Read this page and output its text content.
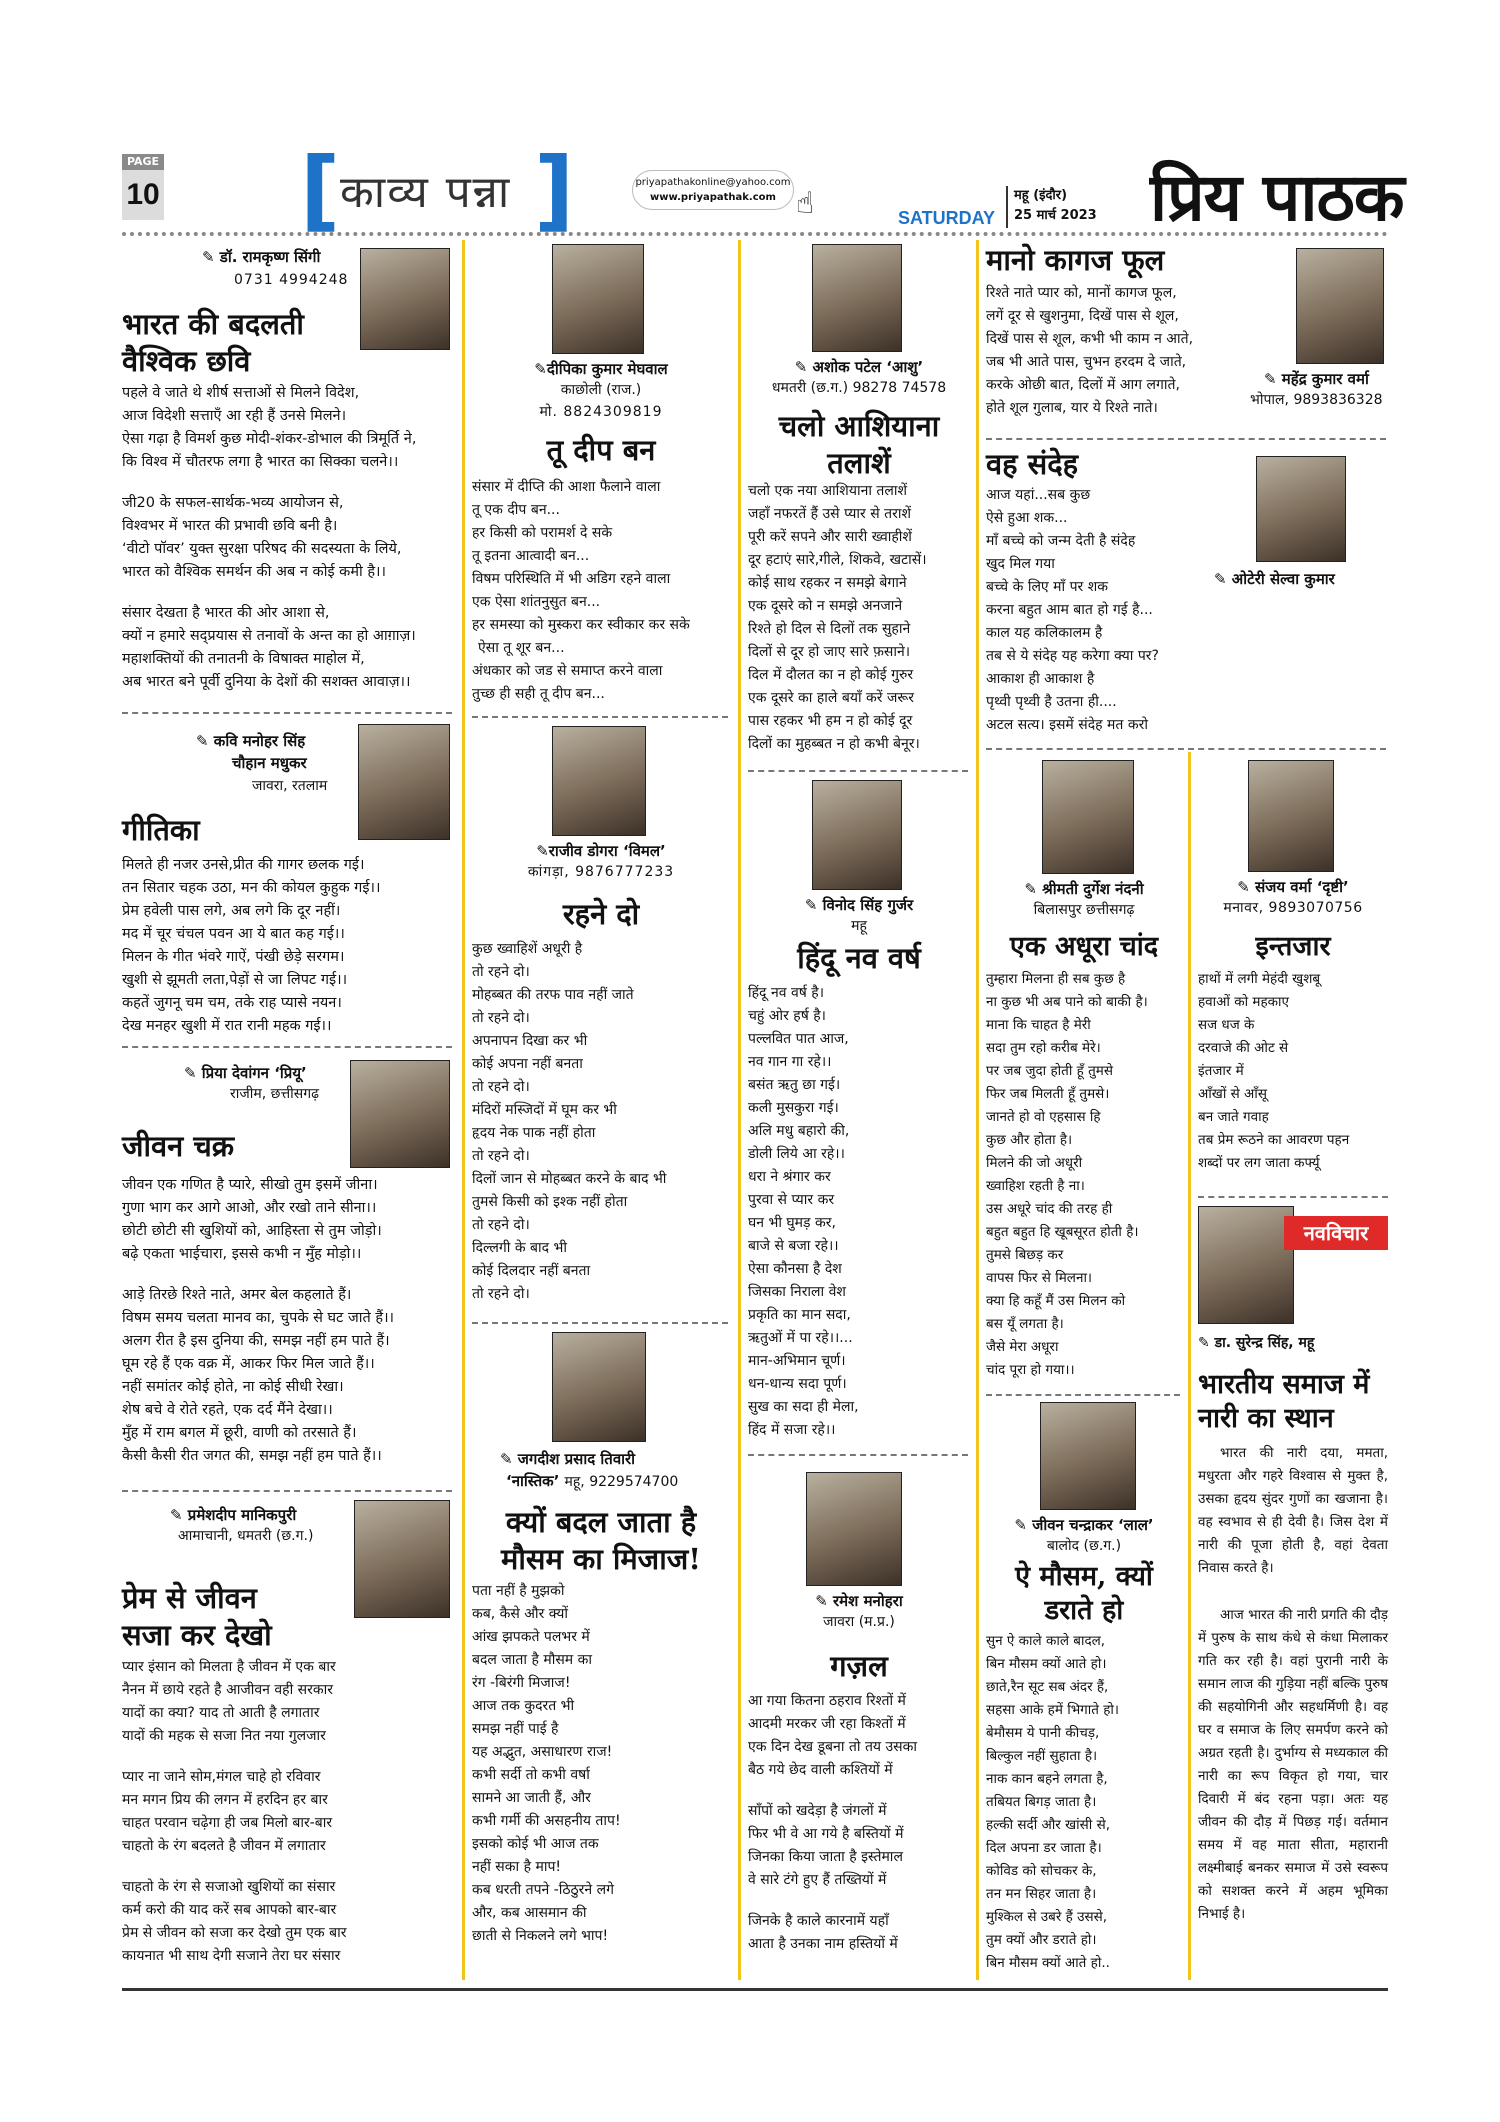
PAGE
10 [ काव्य पन्ना ]	priyapathakonline@yahoo.com
www.priyapathak.com ☝	SATURDAY
महू (इंदौर)
25 मार्च 2023 प्रिय पाठक
✎ डॉ. रामकृष्ण सिंगी
0731 4994248
भारत की बदलती
वैश्विक छवि
पहले वे जाते थे शीर्ष सत्ताओं से मिलने विदेश,
आज विदेशी सत्ताएँ आ रही हैं उनसे मिलने।
ऐसा गढ़ा है विमर्श कुछ मोदी-शंकर-डोभाल की त्रिमूर्ति ने,
कि विश्व में चौतरफ लगा है भारत का सिक्का चलने।।
जी20 के सफल-सार्थक-भव्य आयोजन से,
विश्वभर में भारत की प्रभावी छवि बनी है।
‘वीटो पॉवर’ युक्त सुरक्षा परिषद की सदस्यता के लिये,
भारत को वैश्विक समर्थन की अब न कोई कमी है।।
संसार देखता है भारत की ओर आशा से,
क्यों न हमारे सद्प्रयास से तनावों के अन्त का हो आग़ाज़।
महाशक्तियों की तनातनी के विषाक्त माहोल में,
अब भारत बने पूर्वी दुनिया के देशों की सशक्त आवाज़।।
✎ कवि मनोहर सिंह
चौहान मधुकर
जावरा, रतलाम
गीतिका
मिलते ही नजर उनसे,प्रीत की गागर छलक गई।
तन सितार चहक उठा, मन की कोयल कुहुक गई।।
प्रेम हवेली पास लगे, अब लगे कि दूर नहीं।
मद में चूर चंचल पवन आ ये बात कह गई।।
मिलन के गीत भंवरे गाऐं, पंखी छेड़े सरगम।
खुशी से झूमती लता,पेड़ों से जा लिपट गई।।
कहतें जुगनू चम चम, तके राह प्यासे नयन।
देख मनहर खुशी में रात रानी महक गई।।
✎ प्रिया देवांगन ‘प्रियू’
राजीम, छत्तीसगढ़
जीवन चक्र
जीवन एक गणित है प्यारे, सीखो तुम इसमें जीना।
गुणा भाग कर आगे आओ, और रखो ताने सीना।।
छोटी छोटी सी खुशियों को, आहिस्ता से तुम जोड़ो।
बढ़े एकता भाईचारा, इससे कभी न मुँह मोड़ो।।
आड़े तिरछे रिश्ते नाते, अमर बेल कहलाते हैं।
विषम समय चलता मानव का, चुपके से घट जाते हैं।।
अलग रीत है इस दुनिया की, समझ नहीं हम पाते हैं।
घूम रहे हैं एक वक्र में, आकर फिर मिल जाते हैं।।
नहीं समांतर कोई होते, ना कोई सीधी रेखा।
शेष बचे वे रोते रहते, एक दर्द मैंने देखा।।
मुँह में राम बगल में छूरी, वाणी को तरसाते हैं।
कैसी कैसी रीत जगत की, समझ नहीं हम पाते हैं।।
✎ प्रमेशदीप मानिकपुरी
आमाचानी, धमतरी (छ.ग.)
प्रेम से जीवन
सजा कर देखो
प्यार इंसान को मिलता है जीवन में एक बार
नैनन में छाये रहते है आजीवन वही सरकार
यादों का क्या? याद तो आती है लगातार
यादों की महक से सजा नित नया गुलजार
प्यार ना जाने सोम,मंगल चाहे हो रविवार
मन मगन प्रिय की लगन में हरदिन हर बार
चाहत परवान चढ़ेगा ही जब मिलो बार-बार
चाहतो के रंग बदलते है जीवन में लगातार
चाहतो के रंग से सजाओ खुशियों का संसार
कर्म करो की याद करें सब आपको बार-बार
प्रेम से जीवन को सजा कर देखो तुम एक बार
कायनात भी साथ देगी सजाने तेरा घर संसार
✎दीपिका कुमार मेघवाल
काछोली (राज.)
मो. 8824309819
तू दीप बन
संसार में दीप्ति की आशा फैलाने वाला
तू एक दीप बन...
हर किसी को परामर्श दे सके
तू इतना आत्वादी बन...
विषम परिस्थिति में भी अडिग रहने वाला
एक ऐसा शांतनुसुत बन...
हर समस्या को मुस्करा कर स्वीकार कर सके
ऐसा तू शूर बन...
अंधकार को जड से समाप्त करने वाला
तुच्छ ही सही तू दीप बन...
✎राजीव डोगरा ‘विमल’
कांगड़ा, 9876777233
रहने दो
कुछ ख्वाहिशें अधूरी है
तो रहने दो।
मोहब्बत की तरफ पाव नहीं जाते
तो रहने दो।
अपनापन दिखा कर भी
कोई अपना नहीं बनता
तो रहने दो।
मंदिरों मस्जिदों में घूम कर भी
हृदय नेक पाक नहीं होता
तो रहने दो।
दिलों जान से मोहब्बत करने के बाद भी
तुमसे किसी को इश्क नहीं होता
तो रहने दो।
दिल्लगी के बाद भी
कोई दिलदार नहीं बनता
तो रहने दो।
✎ जगदीश प्रसाद तिवारी
‘नास्तिक’ महू, 9229574700
क्यों बदल जाता है
मौसम का मिजाज!
पता नहीं है मुझको
कब, कैसे और क्यों
आंख झपकते पलभर में
बदल जाता है मौसम का
रंग -बिरंगी मिजाज!
आज तक कुदरत भी
समझ नहीं पाई है
यह अद्भुत, असाधारण राज!
कभी सर्दी तो कभी वर्षा
सामने आ जाती हैं, और
कभी गर्मी की असहनीय ताप!
इसको कोई भी आज तक
नहीं सका है माप!
कब धरती तपने -ठिठुरने लगे
और, कब आसमान की
छाती से निकलने लगे भाप!
✎ अशोक पटेल ‘आशु’
धमतरी (छ.ग.) 98278 74578
चलो आशियाना
तलाशें
चलो एक नया आशियाना तलाशें
जहाँ नफरतें हैं उसे प्यार से तराशें
पूरी करें सपने और सारी ख्वाहीशें
दूर हटाएं सारे,गीले, शिकवे, खटासें।
कोई साथ रहकर न समझे बेगाने
एक दूसरे को न समझे अनजाने
रिश्ते हो दिल से दिलों तक सुहाने
दिलों से दूर हो जाए सारे फ़साने।
दिल में दौलत का न हो कोई गुरुर
एक दूसरे का हाले बयाँ करें जरूर
पास रहकर भी हम न हो कोई दूर
दिलों का मुहब्बत न हो कभी बेनूर।
✎ विनोद सिंह गुर्जर
महू
हिंदू नव वर्ष
हिंदू नव वर्ष है।
चहुं ओर हर्ष है।
पल्लवित पात आज,
नव गान गा रहे।।
बसंत ऋतु छा गई।
कली मुसकुरा गई।
अलि मधु बहारो की,
डोली लिये आ रहे।।
धरा ने श्रंगार कर
पुरवा से प्यार कर
घन भी घुमड़ कर,
बाजे से बजा रहे।।
ऐसा कौनसा है देश
जिसका निराला वेश
प्रकृति का मान सदा,
ऋतुओं में पा रहे।।...
मान-अभिमान चूर्ण।
धन-धान्य सदा पूर्ण।
सुख का सदा ही मेला,
हिंद में सजा रहे।।
✎ रमेश मनोहरा
जावरा (म.प्र.)
गज़ल
आ गया कितना ठहराव रिश्तों में
आदमी मरकर जी रहा किश्तों में
एक दिन देख डूबना तो तय उसका
बैठ गये छेद वाली कश्तियों में
साँपों को खदेड़ा है जंगलों में
फिर भी वे आ गये है बस्तियों में
जिनका किया जाता है इस्तेमाल
वे सारे टंगे हुए हैं तख्तियों में
जिनके है काले कारनामें यहाँ
आता है उनका नाम हस्तियों में
मानो कागज फूल
रिश्ते नाते प्यार को, मानों कागज फूल,
लगें दूर से खुशनुमा, दिखें पास से शूल,
दिखें पास से शूल, कभी भी काम न आते,
जब भी आते पास, चुभन हरदम दे जाते,
करके ओछी बात, दिलों में आग लगाते,
होते शूल गुलाब, यार ये रिश्ते नाते।
✎ महेंद्र कुमार वर्मा
भोपाल, 9893836328
वह संदेह
✎ ओटेरी सेल्वा कुमार
आज यहां...सब कुछ
ऐसे हुआ शक...
माँ बच्चे को जन्म देती है संदेह
खुद मिल गया
बच्चे के लिए माँ पर शक
करना बहुत आम बात हो गई है...
काल यह कलिकालम है
तब से ये संदेह यह करेगा क्या पर?
आकाश ही आकाश है
पृथ्वी पृथ्वी है उतना ही....
अटल सत्य। इसमें संदेह मत करो
✎ श्रीमती दुर्गेश नंदनी
बिलासपुर छत्तीसगढ़
एक अधूरा चांद
तुम्हारा मिलना ही सब कुछ है
ना कुछ भी अब पाने को बाकी है।
माना कि चाहत है मेरी
सदा तुम रहो करीब मेरे।
पर जब जुदा होती हूँ तुमसे
फिर जब मिलती हूँ तुमसे।
जानते हो वो एहसास हि
कुछ और होता है।
मिलने की जो अधूरी
ख्वाहिश रहती है ना।
उस अधूरे चांद की तरह ही
बहुत बहुत हि खूबसूरत होती है।
तुमसे बिछड़ कर
वापस फिर से मिलना।
क्या हि कहूँ मैं उस मिलन को
बस यूँ लगता है।
जैसे मेरा अधूरा
चांद पूरा हो गया।।
✎ जीवन चन्द्राकर ‘लाल’
बालोद (छ.ग.)
ऐ मौसम, क्यों
डराते हो
सुन ऐ काले काले बादल,
बिन मौसम क्यों आते हो।
छाते,रैन सूट सब अंदर हैं,
सहसा आके हमें भिगाते हो।
बेमौसम ये पानी कीचड़,
बिल्कुल नहीं सुहाता है।
नाक कान बहने लगता है,
तबियत बिगड़ जाता है।
हल्की सर्दी और खांसी से,
दिल अपना डर जाता है।
कोविड को सोचकर के,
तन मन सिहर जाता है।
मुश्किल से उबरे हैं उससे,
तुम क्यों और डराते हो।
बिन मौसम क्यों आते हो..
✎ संजय वर्मा ‘दृष्टी’
मनावर, 9893070756
इन्तजार
हाथों में लगी मेहंदी खुशबू
हवाओं को महकाए
सज धज के
दरवाजे की ओट से
इंतजार में
आँखों से आँसू
बन जाते गवाह
तब प्रेम रूठने का आवरण पहन
शब्दों पर लग जाता कर्फ्यू
नवविचार
✎ डा. सुरेन्द्र सिंह, महू
भारतीय समाज में
नारी का स्थान
भारत की नारी दया, ममता, मधुरता और गहरे विश्वास से मुक्त है, उसका हृदय सुंदर गुणों का खजाना है। वह स्वभाव से ही देवी है। जिस देश में नारी की पूजा होती है, वहां देवता निवास करते है।
आज भारत की नारी प्रगति की दौड़ में पुरुष के साथ कंधे से कंधा मिलाकर गति कर रही है। वहां पुरानी नारी के समान लाज की गुड़िया नहीं बल्कि पुरुष की सहयोगिनी और सहधर्मिणी है। वह घर व समाज के लिए समर्पण करने को अग्रत रहती है। दुर्भाग्य से मध्यकाल की नारी का रूप विकृत हो गया, चार दिवारी में बंद रहना पड़ा। अतः यह जीवन की दौड़ में पिछड़ गई। वर्तमान समय में वह माता सीता, महारानी लक्ष्मीबाई बनकर समाज में उसे स्वरूप को सशक्त करने में अहम भूमिका निभाई है।
